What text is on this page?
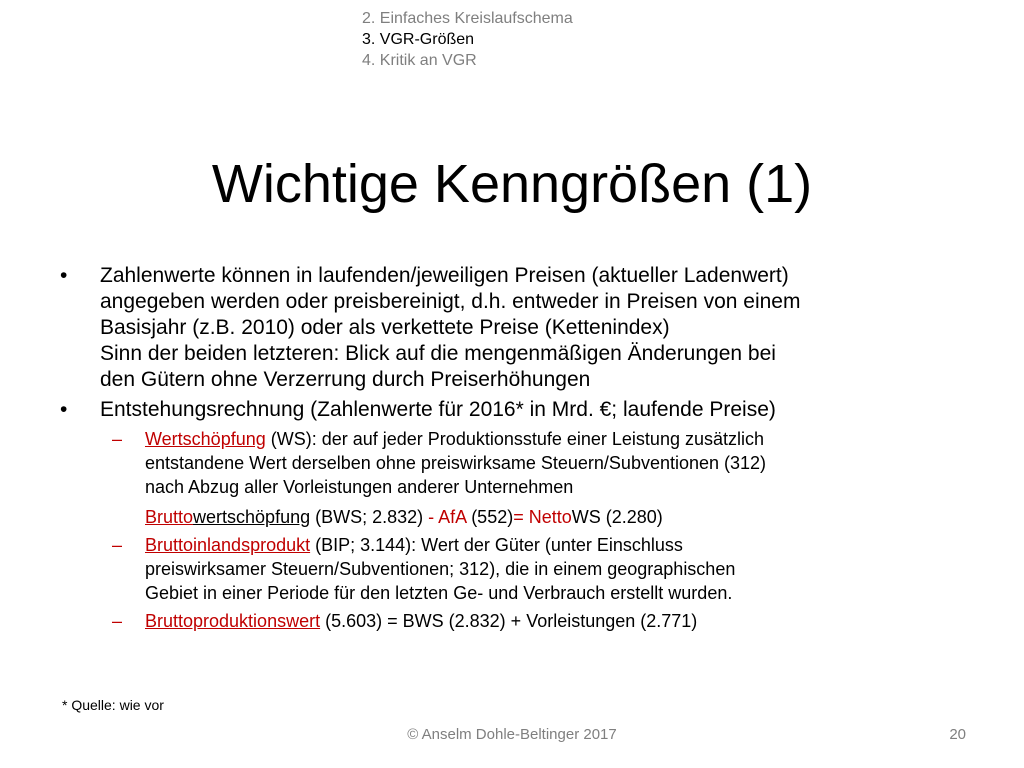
2. Einfaches Kreislaufschema
3. VGR-Größen
4. Kritik an VGR
Wichtige Kenngrößen (1)
• Zahlenwerte können in laufenden/jeweiligen Preisen (aktueller Ladenwert)
angegeben werden oder preisbereinigt, d.h. entweder in Preisen von einem
Basisjahr (z.B. 2010) oder als verkettete Preise (Kettenindex)
Sinn der beiden letzteren: Blick auf die mengenmäßigen Änderungen bei
den Gütern ohne Verzerrung durch Preiserhöhungen
• Entstehungsrechnung (Zahlenwerte für 2016* in Mrd. €; laufende Preise)
– Wertschöpfung (WS): der auf jeder Produktionsstufe einer Leistung zusätzlich
entstandene Wert derselben ohne preiswirksame Steuern/Subventionen (312)
nach Abzug aller Vorleistungen anderer Unternehmen
Bruttowertschöpfung (BWS; 2.832) - AfA (552)= NettoWS (2.280)
– Bruttoinlandsprodukt (BIP; 3.144): Wert der Güter (unter Einschluss
preiswirksamer Steuern/Subventionen; 312), die in einem geographischen
Gebiet in einer Periode für den letzten Ge- und Verbrauch erstellt wurden.
– Bruttoproduktionswert (5.603) = BWS (2.832) + Vorleistungen (2.771)
* Quelle: wie vor
© Anselm Dohle-Beltinger 2017	20
